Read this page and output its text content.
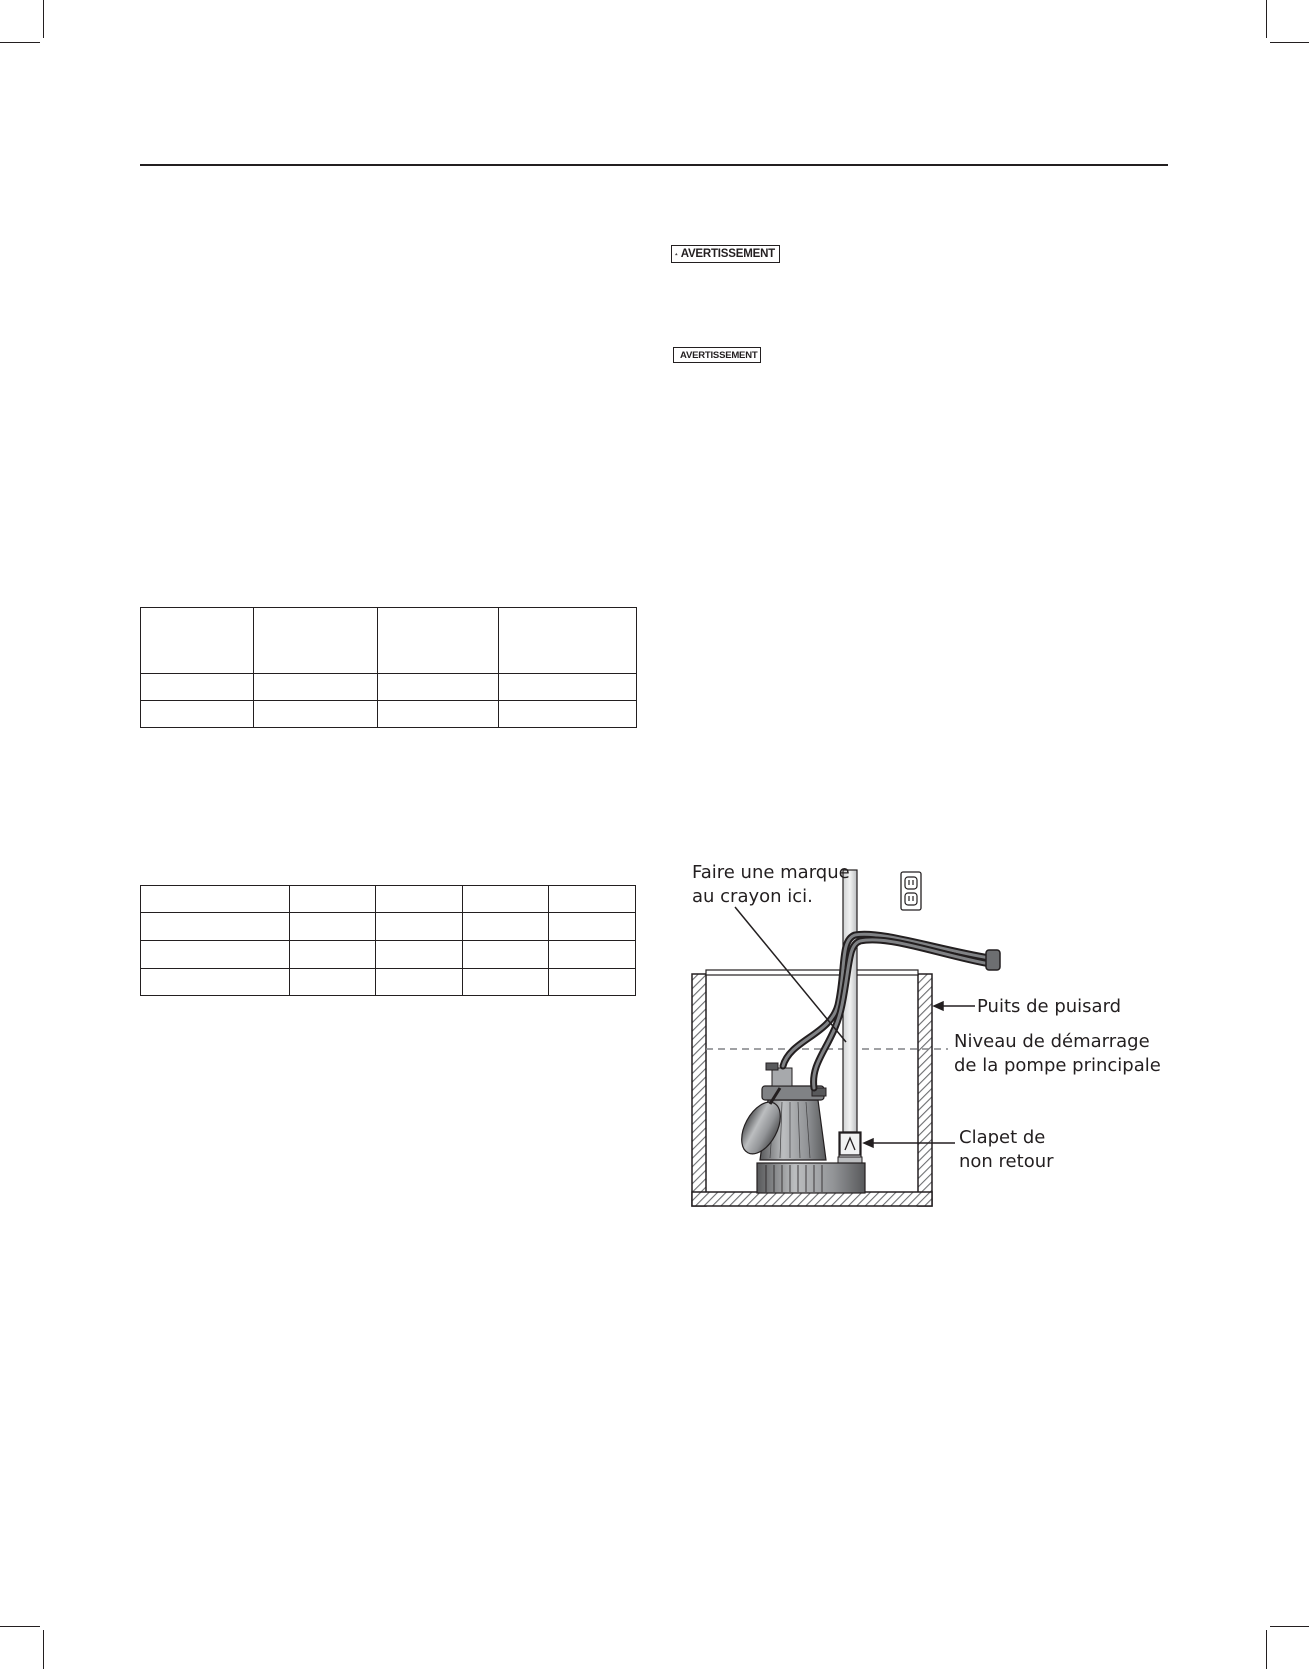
AVERTISSEMENT
AVERTISSEMENT

Faire une marque
au crayon ici.
Puits de puisard
Niveau de démarrage
de la pompe principale
Clapet de
non retour
